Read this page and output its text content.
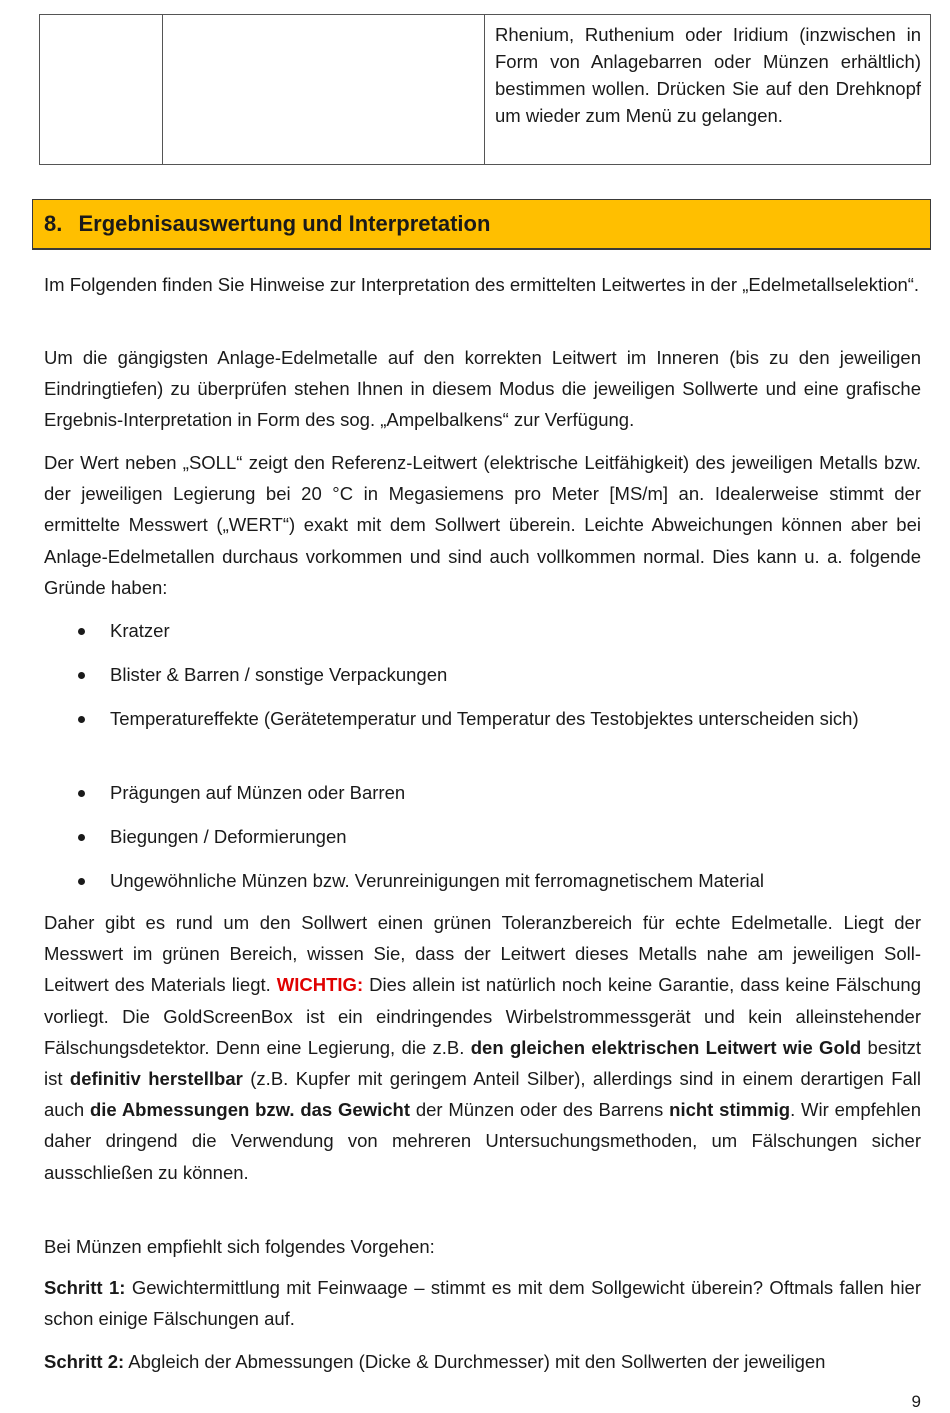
Rhenium, Ruthenium oder Iridium (inzwischen in Form von Anlagebarren oder Münzen erhältlich) bestimmen wollen. Drücken Sie auf den Drehknopf um wieder zum Menü zu gelangen.
8. Ergebnisauswertung und Interpretation

Im Folgenden finden Sie Hinweise zur Interpretation des ermittelten Leitwertes in der „Edelmetallselektion“.

Um die gängigsten Anlage-Edelmetalle auf den korrekten Leitwert im Inneren (bis zu den jeweiligen Eindringtiefen) zu überprüfen stehen Ihnen in diesem Modus die jeweiligen Sollwerte und eine grafische Ergebnis-Interpretation in Form des sog. „Ampelbalkens“ zur Verfügung.

Der Wert neben „SOLL“ zeigt den Referenz-Leitwert (elektrische Leitfähigkeit) des jeweiligen Metalls bzw. der jeweiligen Legierung bei 20 °C in Megasiemens pro Meter [MS/m] an. Idealerweise stimmt der ermittelte Messwert („WERT“) exakt mit dem Sollwert überein. Leichte Abweichungen können aber bei Anlage-Edelmetallen durchaus vorkommen und sind auch vollkommen normal. Dies kann u. a. folgende Gründe haben:

Kratzer
Blister & Barren / sonstige Verpackungen
Temperatureffekte (Gerätetemperatur und Temperatur des Testobjektes unterscheiden sich)
Prägungen auf Münzen oder Barren
Biegungen / Deformierungen
Ungewöhnliche Münzen bzw. Verunreinigungen mit ferromagnetischem Material

Daher gibt es rund um den Sollwert einen grünen Toleranzbereich für echte Edelmetalle. Liegt der Messwert im grünen Bereich, wissen Sie, dass der Leitwert dieses Metalls nahe am jeweiligen Soll-Leitwert des Materials liegt. WICHTIG: Dies allein ist natürlich noch keine Garantie, dass keine Fälschung vorliegt. Die GoldScreenBox ist ein eindringendes Wirbelstrommessgerät und kein alleinstehender Fälschungsdetektor. Denn eine Legierung, die z.B. den gleichen elektrischen Leitwert wie Gold besitzt ist definitiv herstellbar (z.B. Kupfer mit geringem Anteil Silber), allerdings sind in einem derartigen Fall auch die Abmessungen bzw. das Gewicht der Münzen oder des Barrens nicht stimmig. Wir empfehlen daher dringend die Verwendung von mehreren Untersuchungsmethoden, um Fälschungen sicher ausschließen zu können.

Bei Münzen empfiehlt sich folgendes Vorgehen:

Schritt 1: Gewichtermittlung mit Feinwaage – stimmt es mit dem Sollgewicht überein? Oftmals fallen hier schon einige Fälschungen auf.

Schritt 2: Abgleich der Abmessungen (Dicke & Durchmesser) mit den Sollwerten der jeweiligen

9
